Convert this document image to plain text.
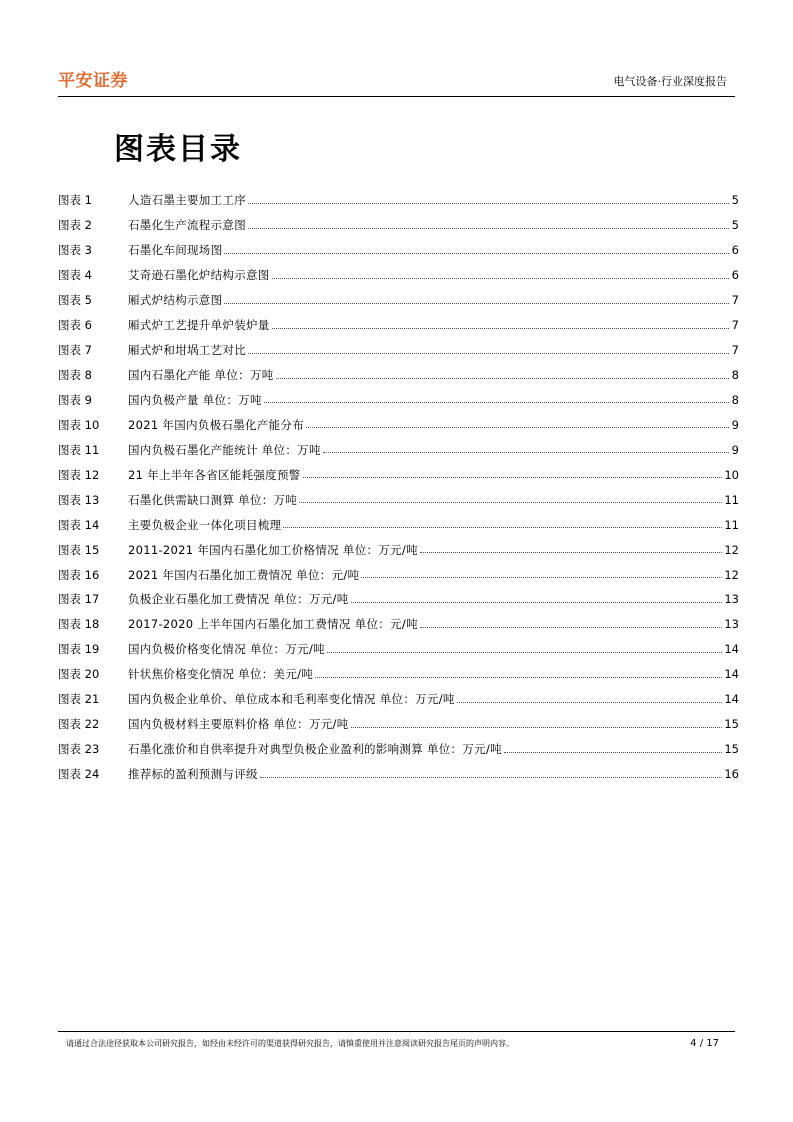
平安证券	电气设备·行业深度报告
图表目录
图表 1	人造石墨主要加工工序	5
图表 2	石墨化生产流程示意图	5
图表 3	石墨化车间现场图	6
图表 4	艾奇逊石墨化炉结构示意图	6
图表 5	厢式炉结构示意图	7
图表 6	厢式炉工艺提升单炉装炉量	7
图表 7	厢式炉和坩埚工艺对比	7
图表 8	国内石墨化产能 单位：万吨	8
图表 9	国内负极产量 单位：万吨	8
图表 10	2021 年国内负极石墨化产能分布	9
图表 11	国内负极石墨化产能统计 单位：万吨	9
图表 12	21 年上半年各省区能耗强度预警	10
图表 13	石墨化供需缺口测算 单位：万吨	11
图表 14	主要负极企业一体化项目梳理	11
图表 15	2011-2021 年国内石墨化加工价格情况 单位：万元/吨	12
图表 16	2021 年国内石墨化加工费情况 单位：元/吨	12
图表 17	负极企业石墨化加工费情况 单位：万元/吨	13
图表 18	2017-2020 上半年国内石墨化加工费情况 单位：元/吨	13
图表 19	国内负极价格变化情况 单位：万元/吨	14
图表 20	针状焦价格变化情况 单位：美元/吨	14
图表 21	国内负极企业单价、单位成本和毛利率变化情况 单位：万元/吨	14
图表 22	国内负极材料主要原料价格 单位：万元/吨	15
图表 23	石墨化涨价和自供率提升对典型负极企业盈利的影响测算 单位：万元/吨	15
图表 24	推荐标的盈利预测与评级	16
请通过合法途径获取本公司研究报告，如经由未经许可的渠道获得研究报告，请慎重使用并注意阅读研究报告尾页的声明内容。	4 / 17
